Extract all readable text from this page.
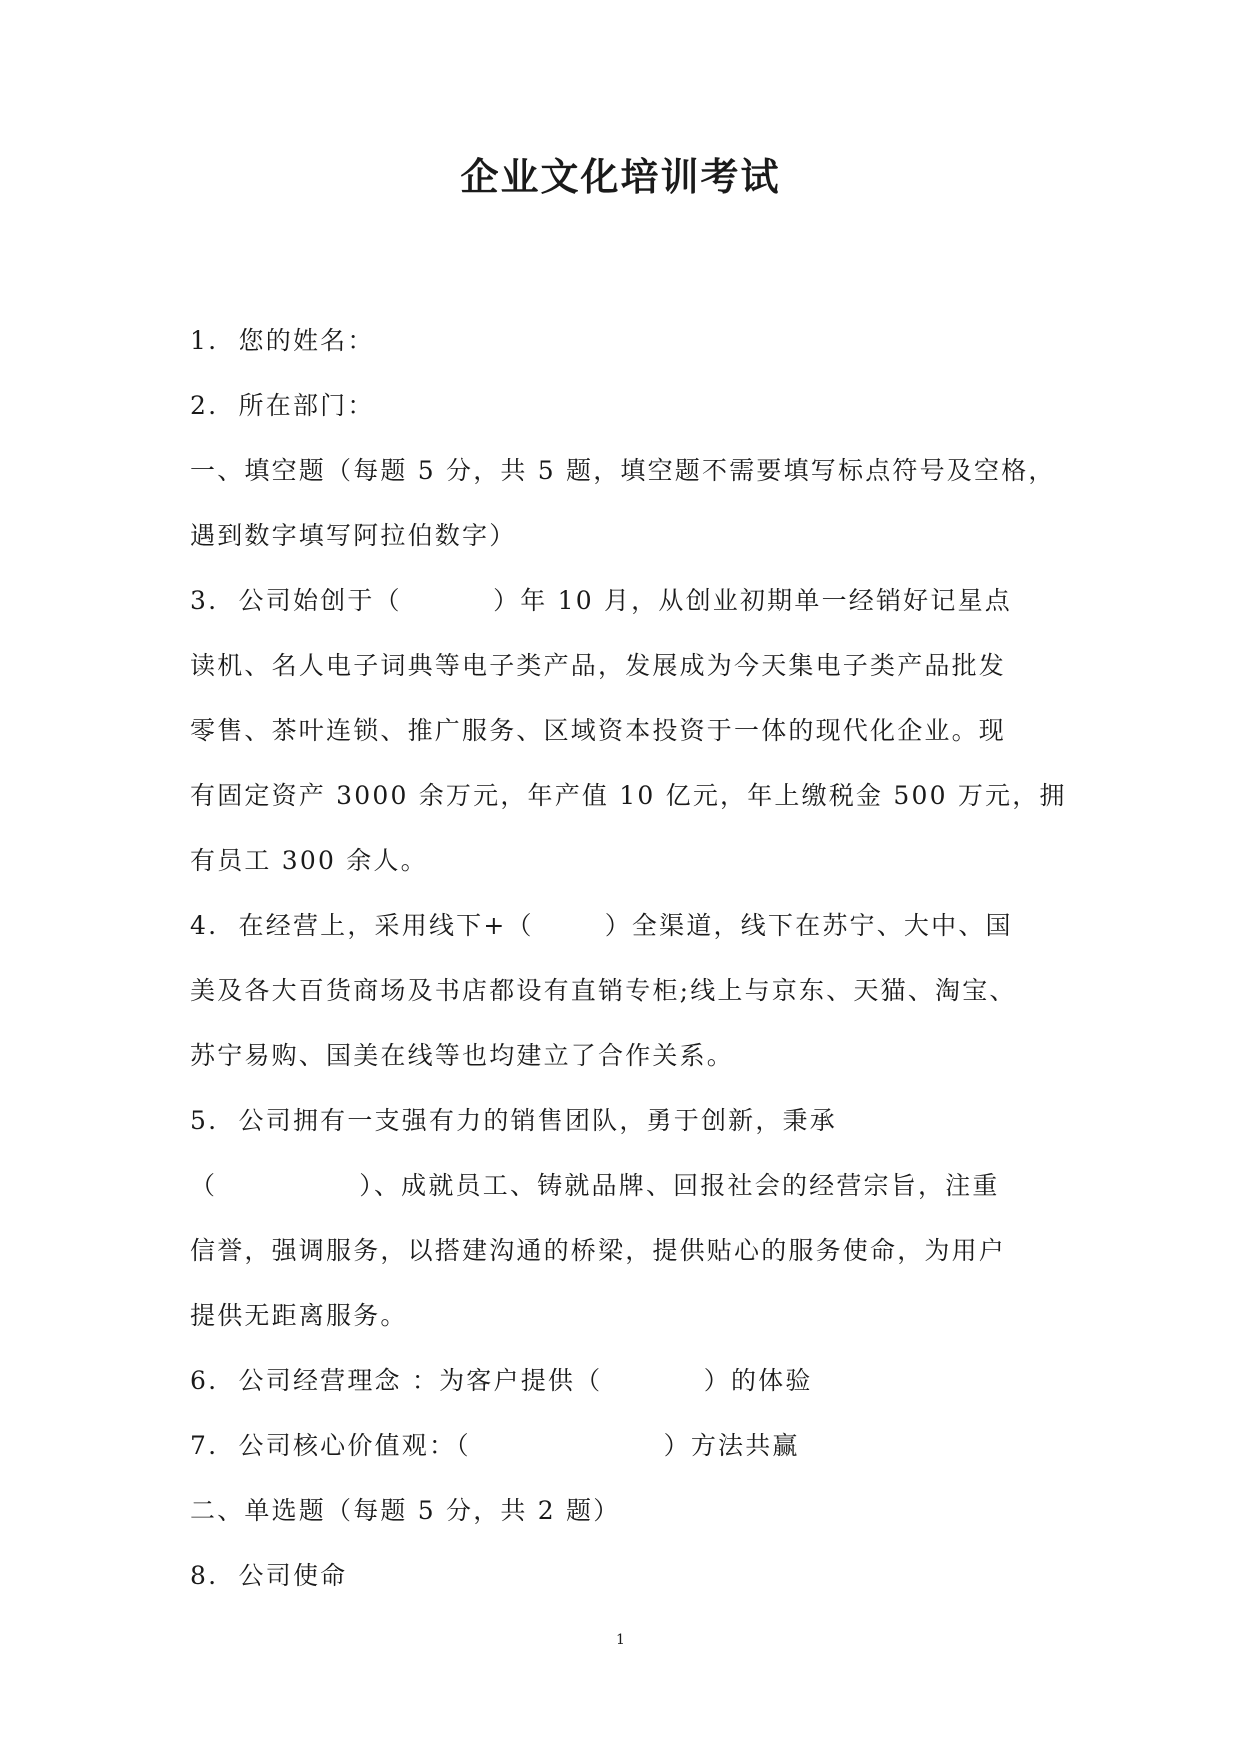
企业文化培训考试
1.  您的姓名：
2.  所在部门：
一、填空题（每题 5 分，共 5 题，填空题不需要填写标点符号及空格，
遇到数字填写阿拉伯数字）
3.  公司始创于（         ）年 10 月，从创业初期单一经销好记星点
读机、名人电子词典等电子类产品，发展成为今天集电子类产品批发
零售、茶叶连锁、推广服务、区域资本投资于一体的现代化企业。现
有固定资产 3000 余万元，年产值 10 亿元，年上缴税金 500 万元，拥
有员工 300 余人。
4.  在经营上，采用线下+（       ）全渠道，线下在苏宁、大中、国
美及各大百货商场及书店都设有直销专柜;线上与京东、天猫、淘宝、
苏宁易购、国美在线等也均建立了合作关系。
5.  公司拥有一支强有力的销售团队，勇于创新，秉承
（              ）、成就员工、铸就品牌、回报社会的经营宗旨，注重
信誉，强调服务，以搭建沟通的桥梁，提供贴心的服务使命，为用户
提供无距离服务。
6.  公司经营理念 ：为客户提供（          ）的体验
7.  公司核心价值观：（                   ）方法共赢
二、单选题（每题 5 分，共 2 题）
8.  公司使命
1
